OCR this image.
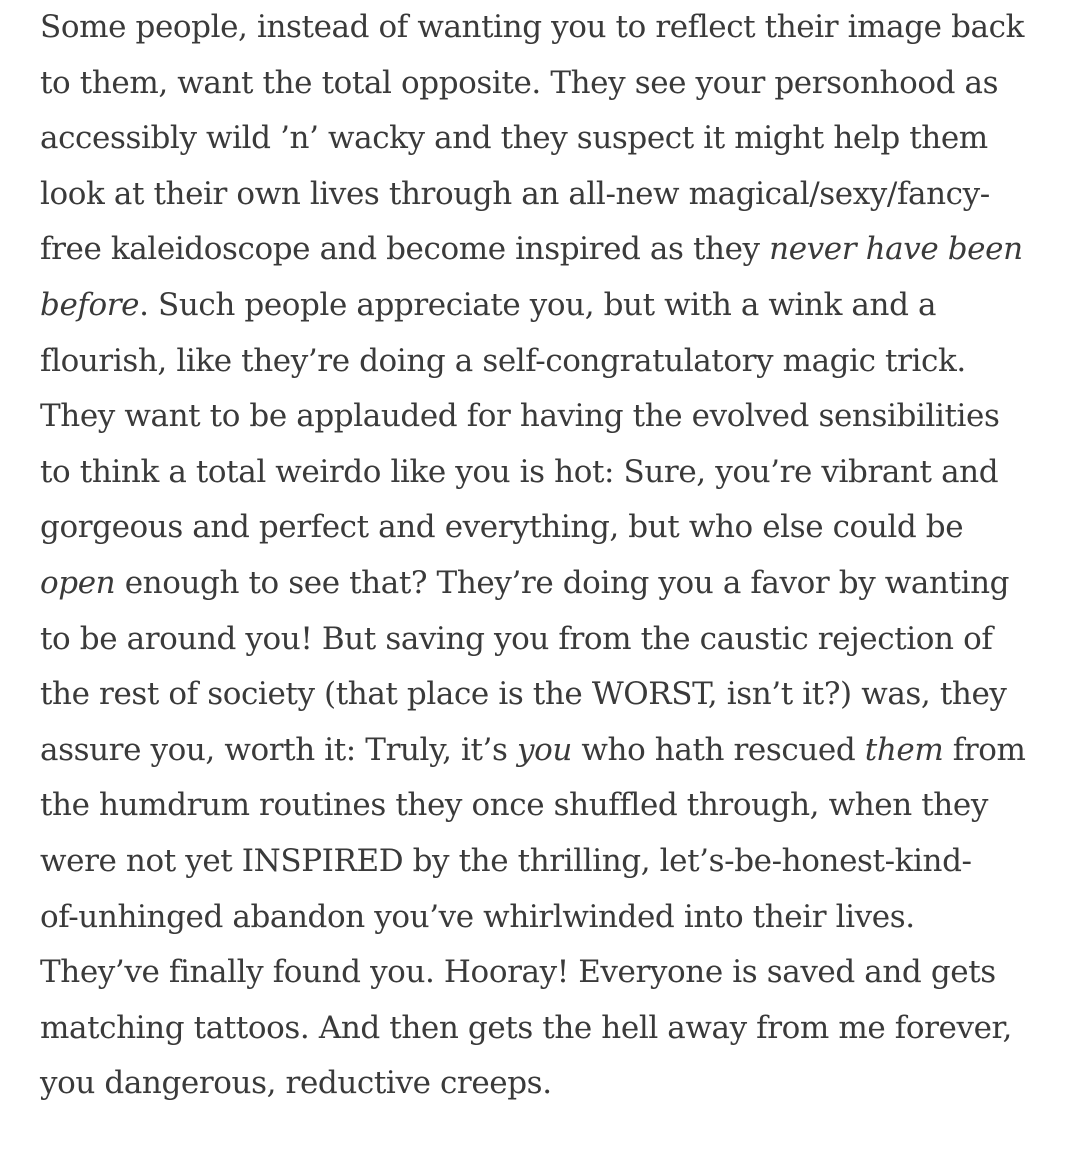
Some people, instead of wanting you to reflect their image back
to them, want the total opposite. They see your personhood as
accessibly wild ’n’ wacky and they suspect it might help them
look at their own lives through an all-new magical/sexy/fancy-
free kaleidoscope and become inspired as they never have been
before. Such people appreciate you, but with a wink and a
flourish, like they’re doing a self-congratulatory magic trick.
They want to be applauded for having the evolved sensibilities
to think a total weirdo like you is hot: Sure, you’re vibrant and
gorgeous and perfect and everything, but who else could be
open enough to see that? They’re doing you a favor by wanting
to be around you! But saving you from the caustic rejection of
the rest of society (that place is the WORST, isn’t it?) was, they
assure you, worth it: Truly, it’s you who hath rescued them from
the humdrum routines they once shuffled through, when they
were not yet INSPIRED by the thrilling, let’s-be-honest-kind-
of-unhinged abandon you’ve whirlwinded into their lives.
They’ve finally found you. Hooray! Everyone is saved and gets
matching tattoos. And then gets the hell away from me forever,
you dangerous, reductive creeps.
